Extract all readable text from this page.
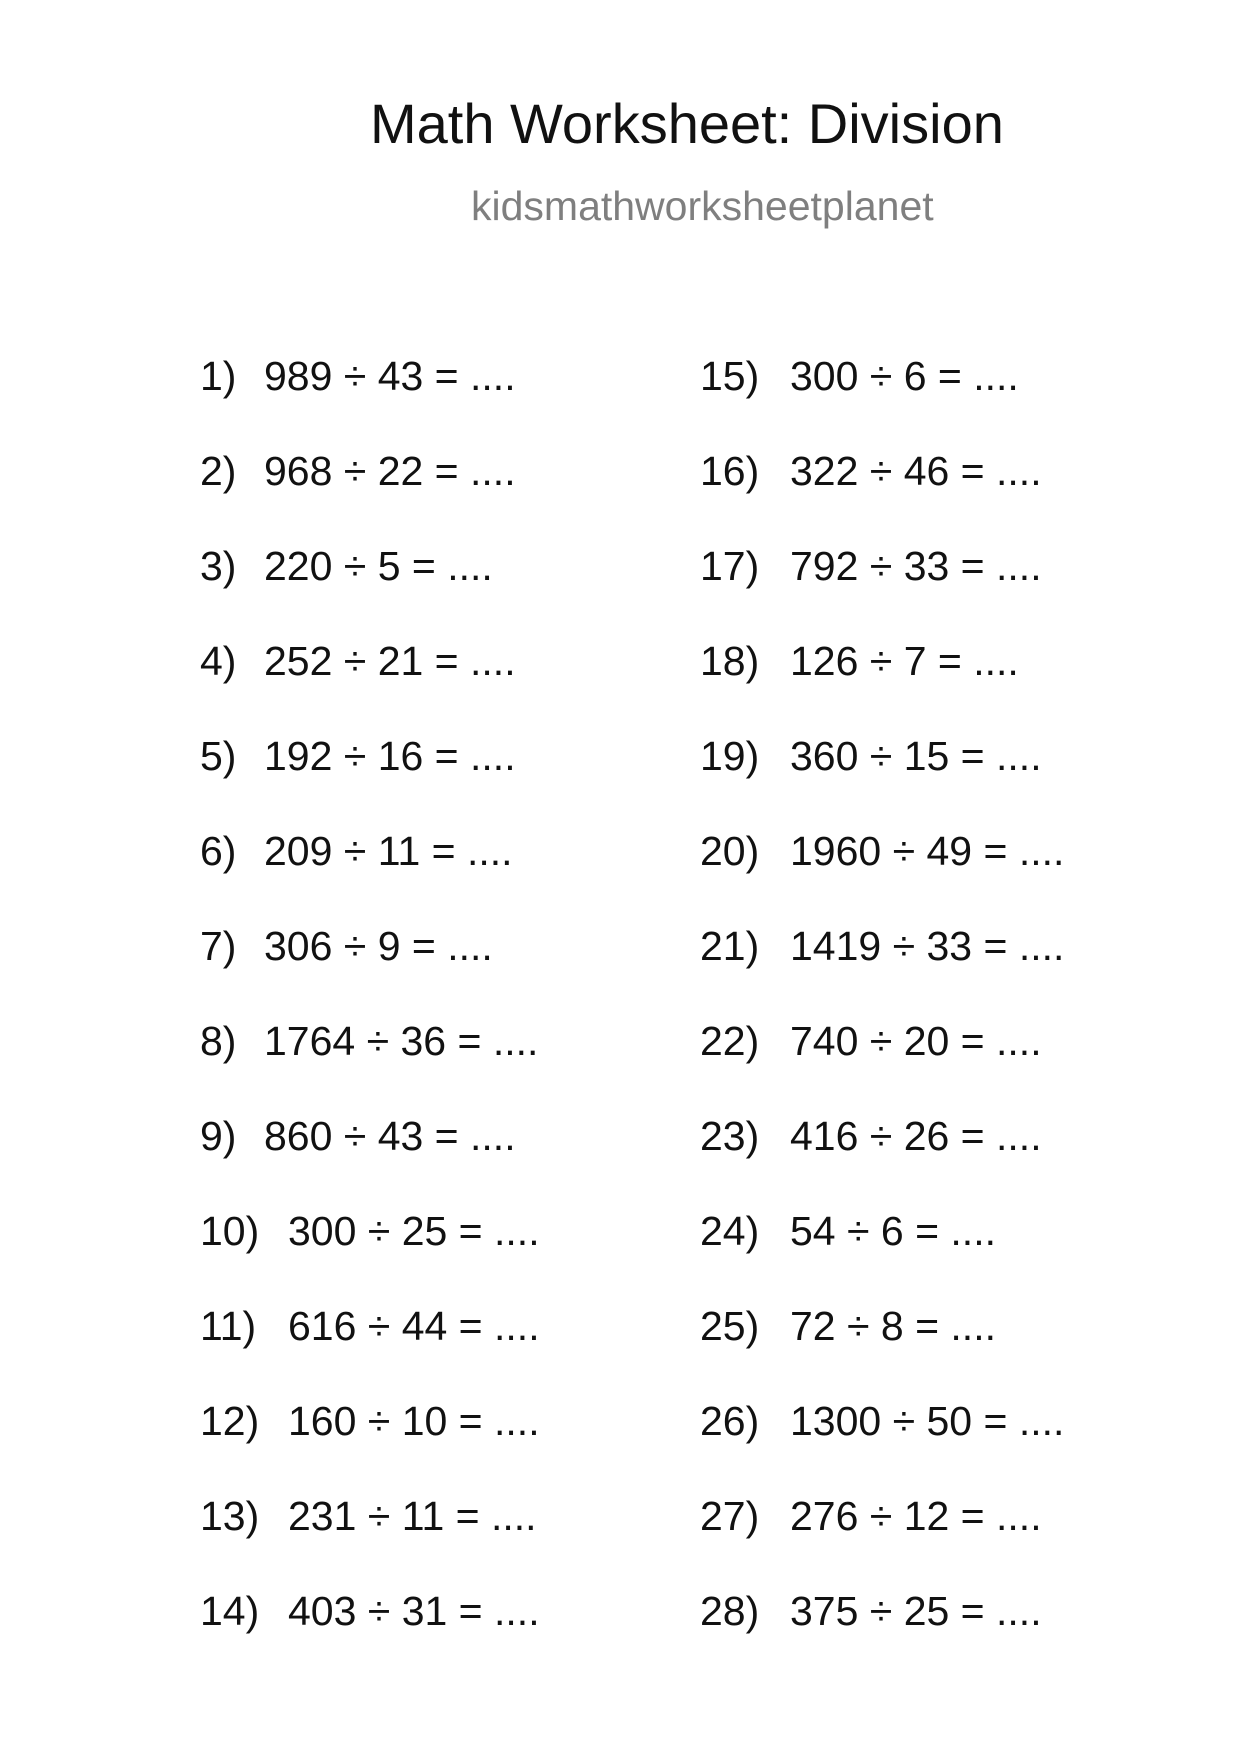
Math Worksheet: Division
kidsmathworksheetplanet
1) 989 ÷ 43 = ....
2) 968 ÷ 22 = ....
3) 220 ÷ 5 = ....
4) 252 ÷ 21 = ....
5) 192 ÷ 16 = ....
6) 209 ÷ 11 = ....
7) 306 ÷ 9 = ....
8) 1764 ÷ 36 = ....
9) 860 ÷ 43 = ....
10) 300 ÷ 25 = ....
11) 616 ÷ 44 = ....
12) 160 ÷ 10 = ....
13) 231 ÷ 11 = ....
14) 403 ÷ 31 = ....
15) 300 ÷ 6 = ....
16) 322 ÷ 46 = ....
17) 792 ÷ 33 = ....
18) 126 ÷ 7 = ....
19) 360 ÷ 15 = ....
20) 1960 ÷ 49 = ....
21) 1419 ÷ 33 = ....
22) 740 ÷ 20 = ....
23) 416 ÷ 26 = ....
24) 54 ÷ 6 = ....
25) 72 ÷ 8 = ....
26) 1300 ÷ 50 = ....
27) 276 ÷ 12 = ....
28) 375 ÷ 25 = ....
